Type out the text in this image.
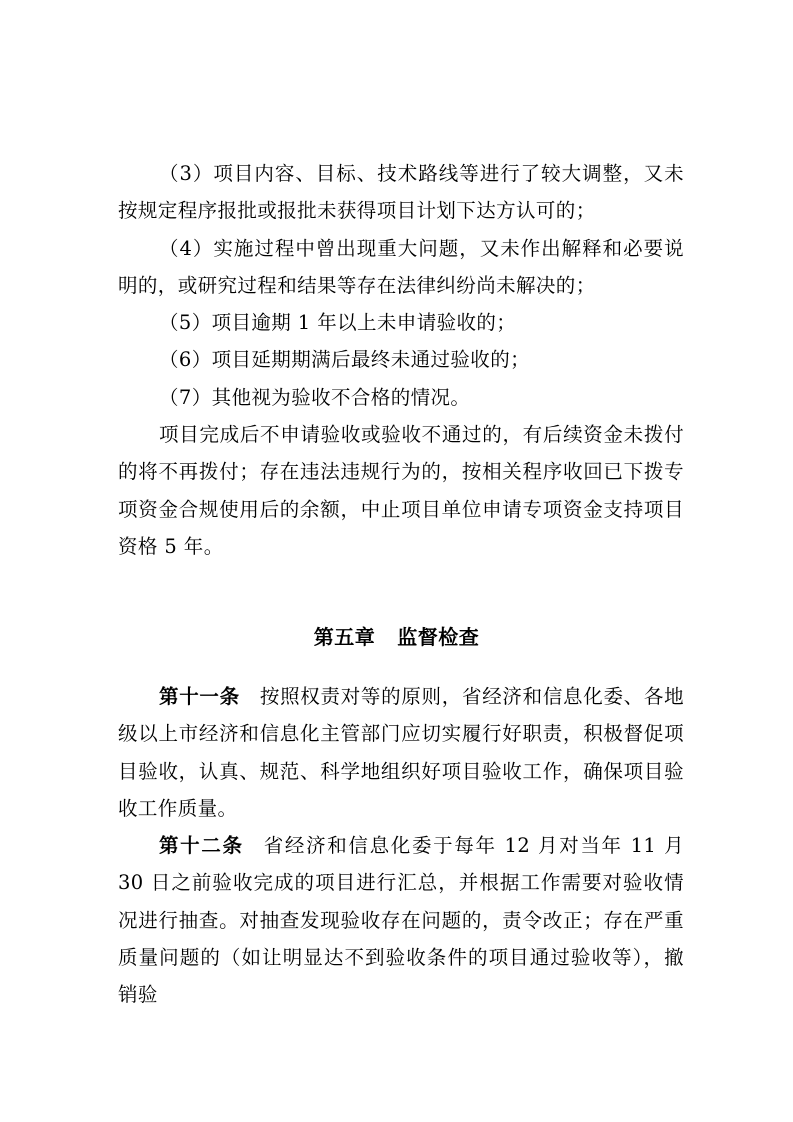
（3）项目内容、目标、技术路线等进行了较大调整，又未按规定程序报批或报批未获得项目计划下达方认可的；

（4）实施过程中曾出现重大问题，又未作出解释和必要说明的，或研究过程和结果等存在法律纠纷尚未解决的；

（5）项目逾期 1 年以上未申请验收的；

（6）项目延期期满后最终未通过验收的；

（7）其他视为验收不合格的情况。

项目完成后不申请验收或验收不通过的，有后续资金未拨付的将不再拨付；存在违法违规行为的，按相关程序收回已下拨专项资金合规使用后的余额，中止项目单位申请专项资金支持项目资格 5 年。

第五章 监督检查

第十一条 按照权责对等的原则，省经济和信息化委、各地级以上市经济和信息化主管部门应切实履行好职责，积极督促项目验收，认真、规范、科学地组织好项目验收工作，确保项目验收工作质量。

第十二条 省经济和信息化委于每年 12 月对当年 11 月 30 日之前验收完成的项目进行汇总，并根据工作需要对验收情况进行抽查。对抽查发现验收存在问题的，责令改正；存在严重质量问题的（如让明显达不到验收条件的项目通过验收等），撤销验
